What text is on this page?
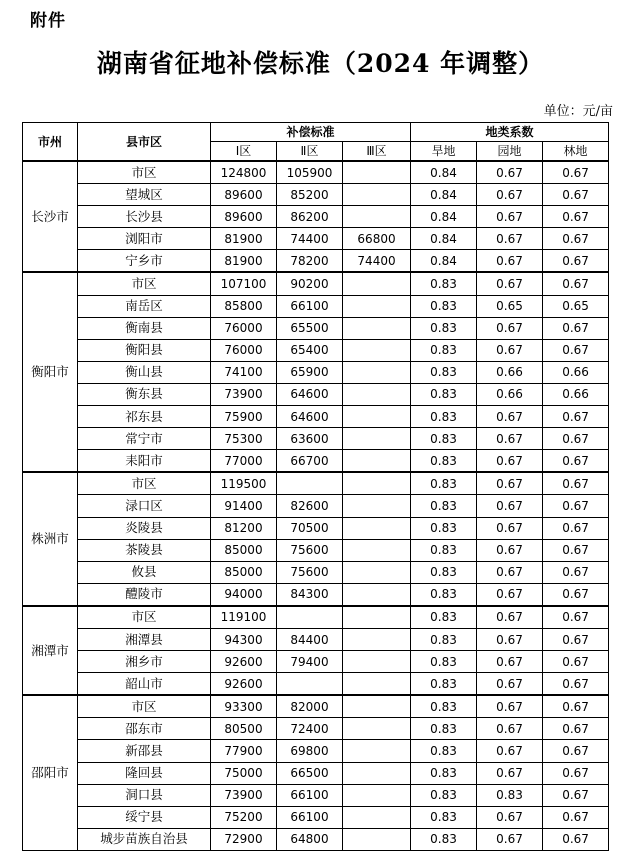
附件
湖南省征地补偿标准（2024 年调整）
单位：元/亩
市州	县市区	补偿标准			地类系数		
		Ⅰ区	Ⅱ区	Ⅲ区	旱地	园地	林地
长沙市	市区	124800	105900		0.84	0.67	0.67
	望城区	89600	85200		0.84	0.67	0.67
	长沙县	89600	86200		0.84	0.67	0.67
	浏阳市	81900	74400	66800	0.84	0.67	0.67
	宁乡市	81900	78200	74400	0.84	0.67	0.67
衡阳市	市区	107100	90200		0.83	0.67	0.67
	南岳区	85800	66100		0.83	0.65	0.65
	衡南县	76000	65500		0.83	0.67	0.67
	衡阳县	76000	65400		0.83	0.67	0.67
	衡山县	74100	65900		0.83	0.66	0.66
	衡东县	73900	64600		0.83	0.66	0.66
	祁东县	75900	64600		0.83	0.67	0.67
	常宁市	75300	63600		0.83	0.67	0.67
	耒阳市	77000	66700		0.83	0.67	0.67
株洲市	市区	119500			0.83	0.67	0.67
	渌口区	91400	82600		0.83	0.67	0.67
	炎陵县	81200	70500		0.83	0.67	0.67
	茶陵县	85000	75600		0.83	0.67	0.67
	攸县	85000	75600		0.83	0.67	0.67
	醴陵市	94000	84300		0.83	0.67	0.67
湘潭市	市区	119100			0.83	0.67	0.67
	湘潭县	94300	84400		0.83	0.67	0.67
	湘乡市	92600	79400		0.83	0.67	0.67
	韶山市	92600			0.83	0.67	0.67
邵阳市	市区	93300	82000		0.83	0.67	0.67
	邵东市	80500	72400		0.83	0.67	0.67
	新邵县	77900	69800		0.83	0.67	0.67
	隆回县	75000	66500		0.83	0.67	0.67
	洞口县	73900	66100		0.83	0.83	0.67
	绥宁县	75200	66100		0.83	0.67	0.67
	城步苗族自治县	72900	64800		0.83	0.67	0.67
